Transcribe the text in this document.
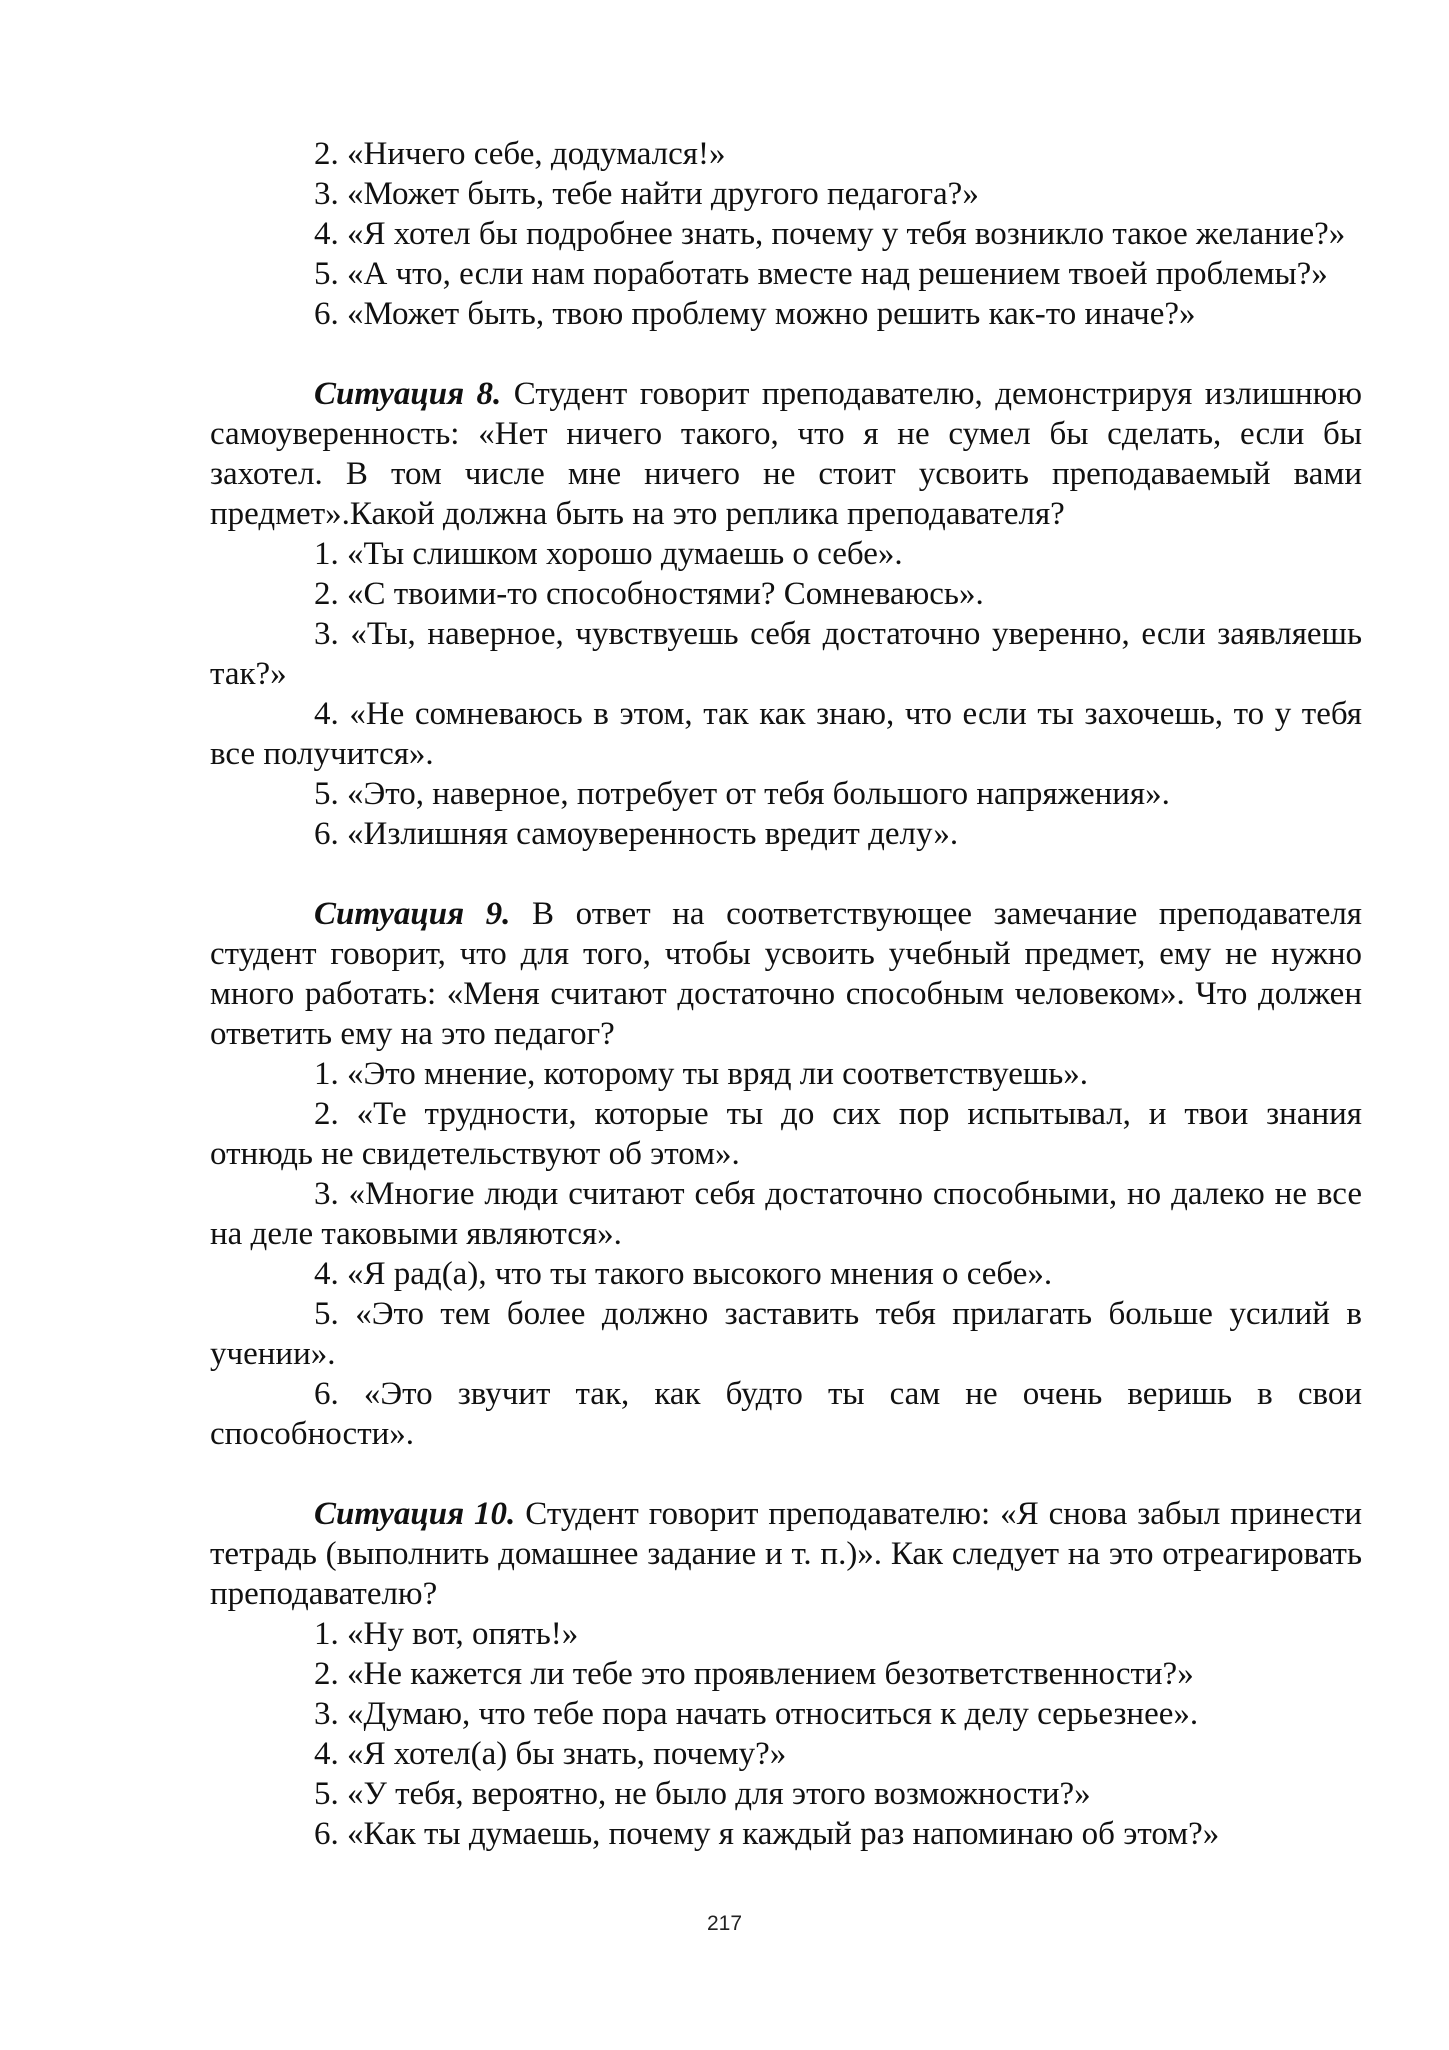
2. «Ничего себе, додумался!»

3. «Может быть, тебе найти другого педагога?»

4. «Я хотел бы подробнее знать, почему у тебя возникло такое желание?»

5. «А что, если нам поработать вместе над решением твоей проблемы?»

6. «Может быть, твою проблему можно решить как-то иначе?»

Ситуация 8. Студент говорит преподавателю, демонстрируя излишнюю самоуверенность: «Нет ничего такого, что я не сумел бы сделать, если бы захотел. В том числе мне ничего не стоит усвоить преподаваемый вами предмет».Какой должна быть на это реплика преподавателя?

1. «Ты слишком хорошо думаешь о себе».

2. «С твоими-то способностями? Сомневаюсь».

3. «Ты, наверное, чувствуешь себя достаточно уверенно, если заявляешь так?»

4. «Не сомневаюсь в этом, так как знаю, что если ты захочешь, то у тебя все получится».

5. «Это, наверное, потребует от тебя большого напряжения».

6. «Излишняя самоуверенность вредит делу».

Ситуация 9. В ответ на соответствующее замечание преподавателя студент говорит, что для того, чтобы усвоить учебный предмет, ему не нужно много работать: «Меня считают достаточно способным человеком». Что должен ответить ему на это педагог?

1. «Это мнение, которому ты вряд ли соответствуешь».

2. «Те трудности, которые ты до сих пор испытывал, и твои знания отнюдь не свидетельствуют об этом».

3. «Многие люди считают себя достаточно способными, но далеко не все на деле таковыми являются».

4. «Я рад(а), что ты такого высокого мнения о себе».

5. «Это тем более должно заставить тебя прилагать больше усилий в учении».

6. «Это звучит так, как будто ты сам не очень веришь в свои способности».

Ситуация 10. Студент говорит преподавателю: «Я снова забыл принести тетрадь (выполнить домашнее задание и т. п.)». Как следует на это отреагировать преподавателю?

1. «Ну вот, опять!»

2. «Не кажется ли тебе это проявлением безответственности?»

3. «Думаю, что тебе пора начать относиться к делу серьезнее».

4. «Я хотел(а) бы знать, почему?»

5. «У тебя, вероятно, не было для этого возможности?»

6. «Как ты думаешь, почему я каждый раз напоминаю об этом?»

217
